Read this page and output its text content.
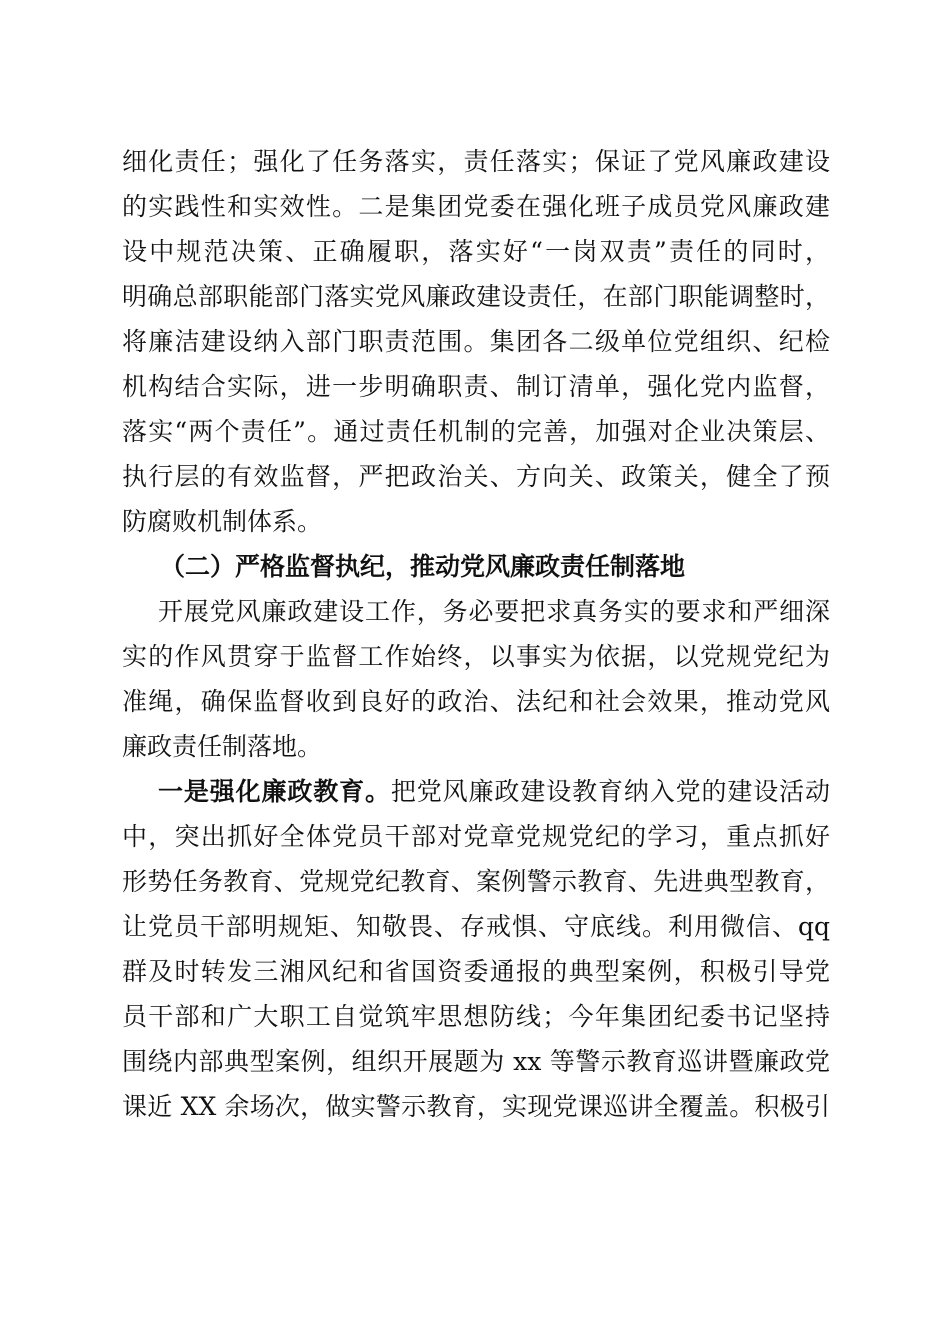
细化责任；强化了任务落实，责任落实；保证了党风廉政建设
的实践性和实效性。二是集团党委在强化班子成员党风廉政建
设中规范决策、正确履职，落实好“一岗双责”责任的同时，
明确总部职能部门落实党风廉政建设责任，在部门职能调整时，
将廉洁建设纳入部门职责范围。集团各二级单位党组织、纪检
机构结合实际，进一步明确职责、制订清单，强化党内监督，
落实“两个责任”。通过责任机制的完善，加强对企业决策层、
执行层的有效监督，严把政治关、方向关、政策关，健全了预
防腐败机制体系。
（二）严格监督执纪，推动党风廉政责任制落地
开展党风廉政建设工作，务必要把求真务实的要求和严细深
实的作风贯穿于监督工作始终，以事实为依据，以党规党纪为
准绳，确保监督收到良好的政治、法纪和社会效果，推动党风
廉政责任制落地。
一是强化廉政教育。把党风廉政建设教育纳入党的建设活动
中，突出抓好全体党员干部对党章党规党纪的学习，重点抓好
形势任务教育、党规党纪教育、案例警示教育、先进典型教育，
让党员干部明规矩、知敬畏、存戒惧、守底线。利用微信、qq
群及时转发三湘风纪和省国资委通报的典型案例，积极引导党
员干部和广大职工自觉筑牢思想防线；今年集团纪委书记坚持
围绕内部典型案例，组织开展题为 xx 等警示教育巡讲暨廉政党
课近 XX 余场次，做实警示教育，实现党课巡讲全覆盖。积极引
